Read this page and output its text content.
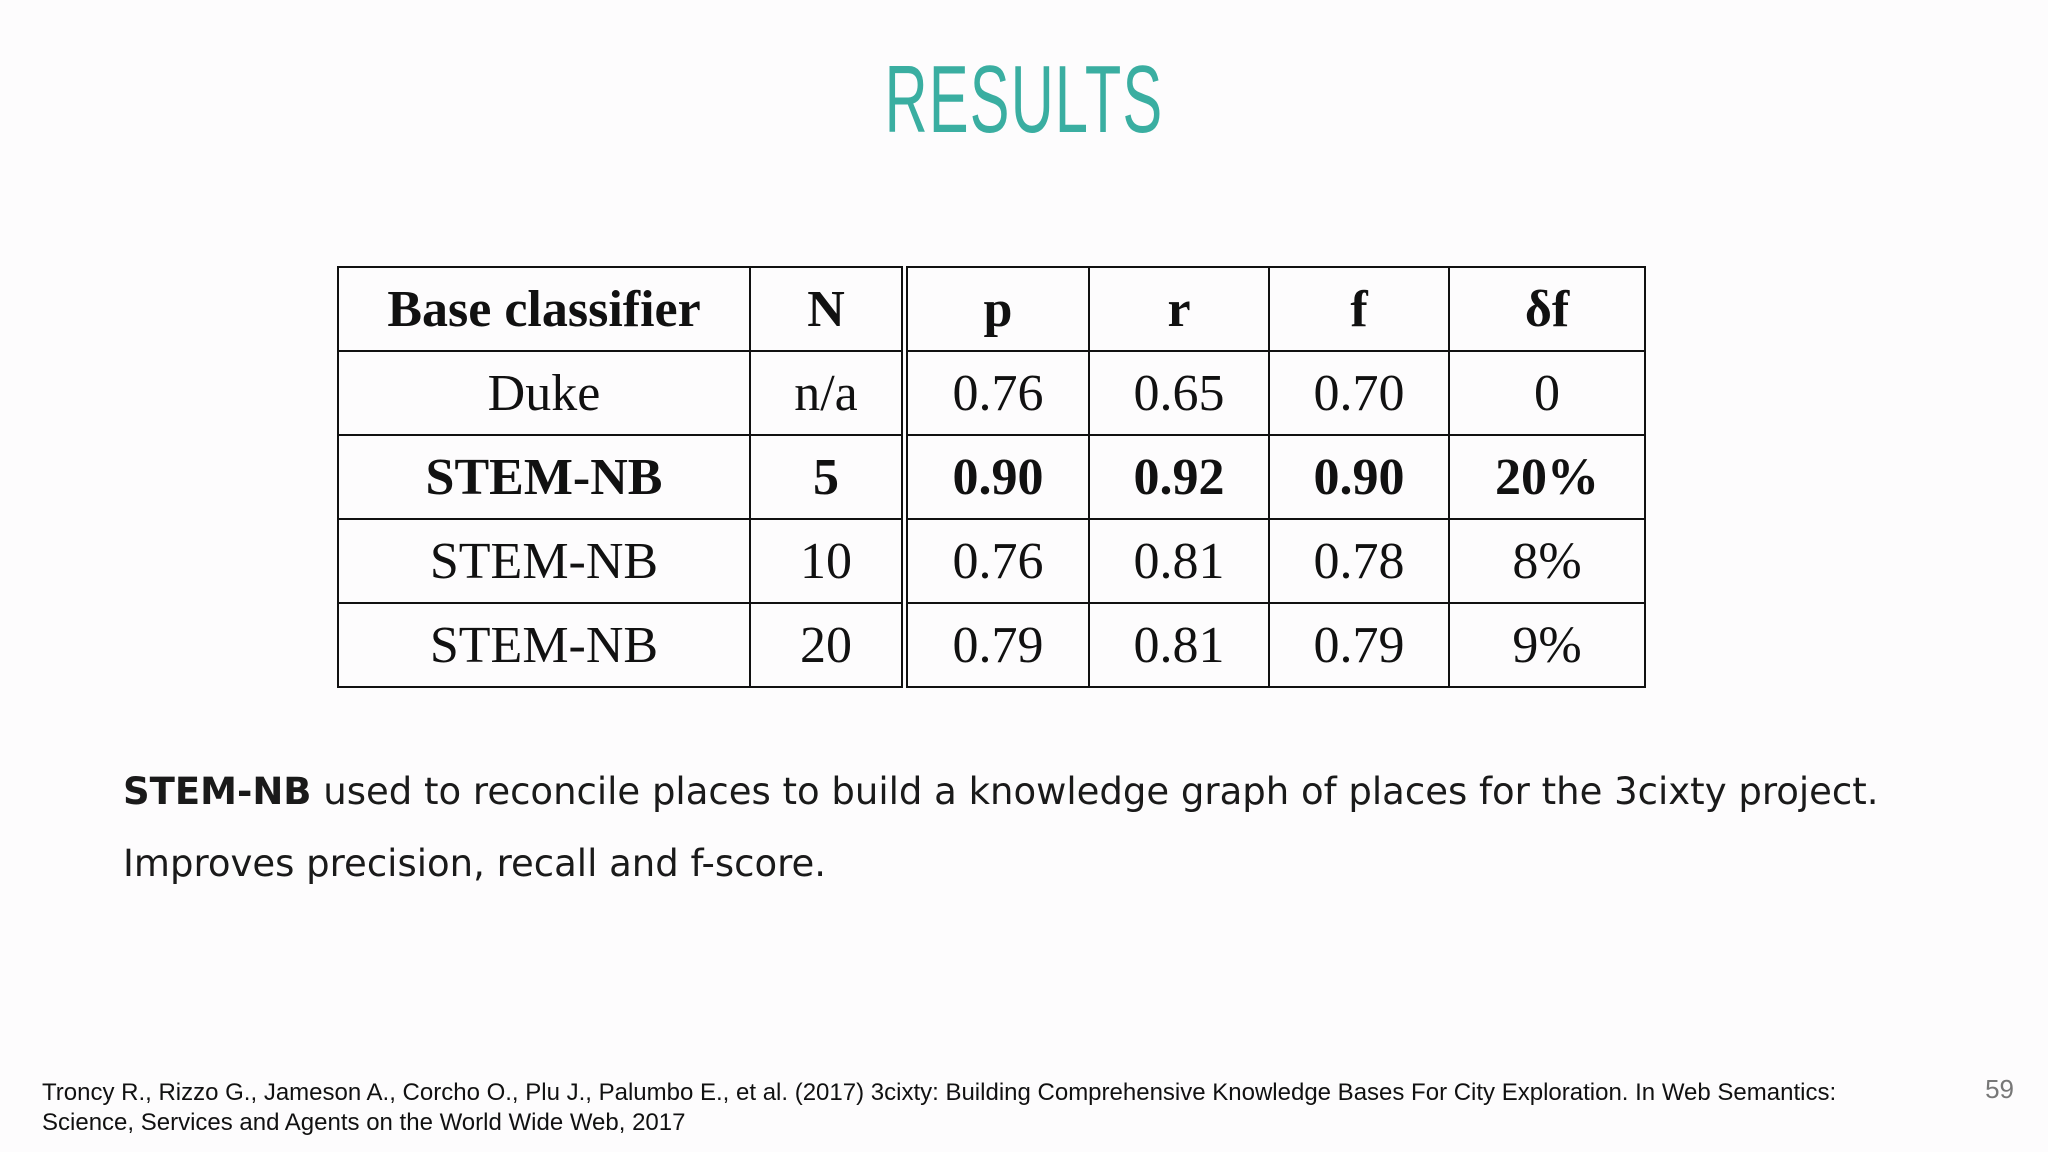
RESULTS
Base classifier	N	p	r	f	δf
Duke	n/a	0.76	0.65	0.70	0
STEM-NB	5	0.90	0.92	0.90	20%
STEM-NB	10	0.76	0.81	0.78	8%
STEM-NB	20	0.79	0.81	0.79	9%
STEM-NB used to reconcile places to build a knowledge graph of places for the 3cixty project.
Improves precision, recall and f-score.
Troncy R., Rizzo G., Jameson A., Corcho O., Plu J., Palumbo E., et al. (2017) 3cixty: Building Comprehensive Knowledge Bases For City Exploration. In Web Semantics:
Science, Services and Agents on the World Wide Web, 2017
59
